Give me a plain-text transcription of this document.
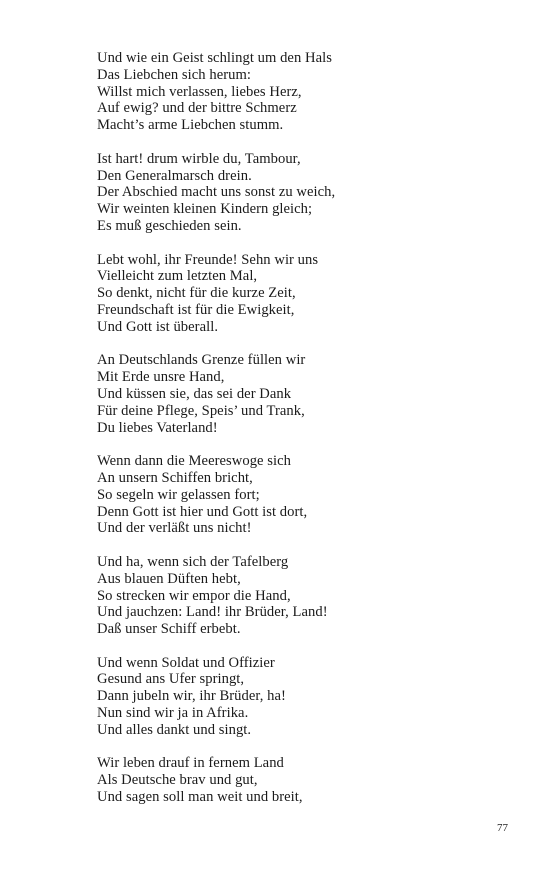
Und wie ein Geist schlingt um den Hals
Das Liebchen sich herum:
Willst mich verlassen, liebes Herz,
Auf ewig? und der bittre Schmerz
Macht’s arme Liebchen stumm.
Ist hart! drum wirble du, Tambour,
Den Generalmarsch drein.
Der Abschied macht uns sonst zu weich,
Wir weinten kleinen Kindern gleich;
Es muß geschieden sein.
Lebt wohl, ihr Freunde! Sehn wir uns
Vielleicht zum letzten Mal,
So denkt, nicht für die kurze Zeit,
Freundschaft ist für die Ewigkeit,
Und Gott ist überall.
An Deutschlands Grenze füllen wir
Mit Erde unsre Hand,
Und küssen sie, das sei der Dank
Für deine Pflege, Speis’ und Trank,
Du liebes Vaterland!
Wenn dann die Meereswoge sich
An unsern Schiffen bricht,
So segeln wir gelassen fort;
Denn Gott ist hier und Gott ist dort,
Und der verläßt uns nicht!
Und ha, wenn sich der Tafelberg
Aus blauen Düften hebt,
So strecken wir empor die Hand,
Und jauchzen: Land! ihr Brüder, Land!
Daß unser Schiff erbebt.
Und wenn Soldat und Offizier
Gesund ans Ufer springt,
Dann jubeln wir, ihr Brüder, ha!
Nun sind wir ja in Afrika.
Und alles dankt und singt.
Wir leben drauf in fernem Land
Als Deutsche brav und gut,
Und sagen soll man weit und breit,
77
